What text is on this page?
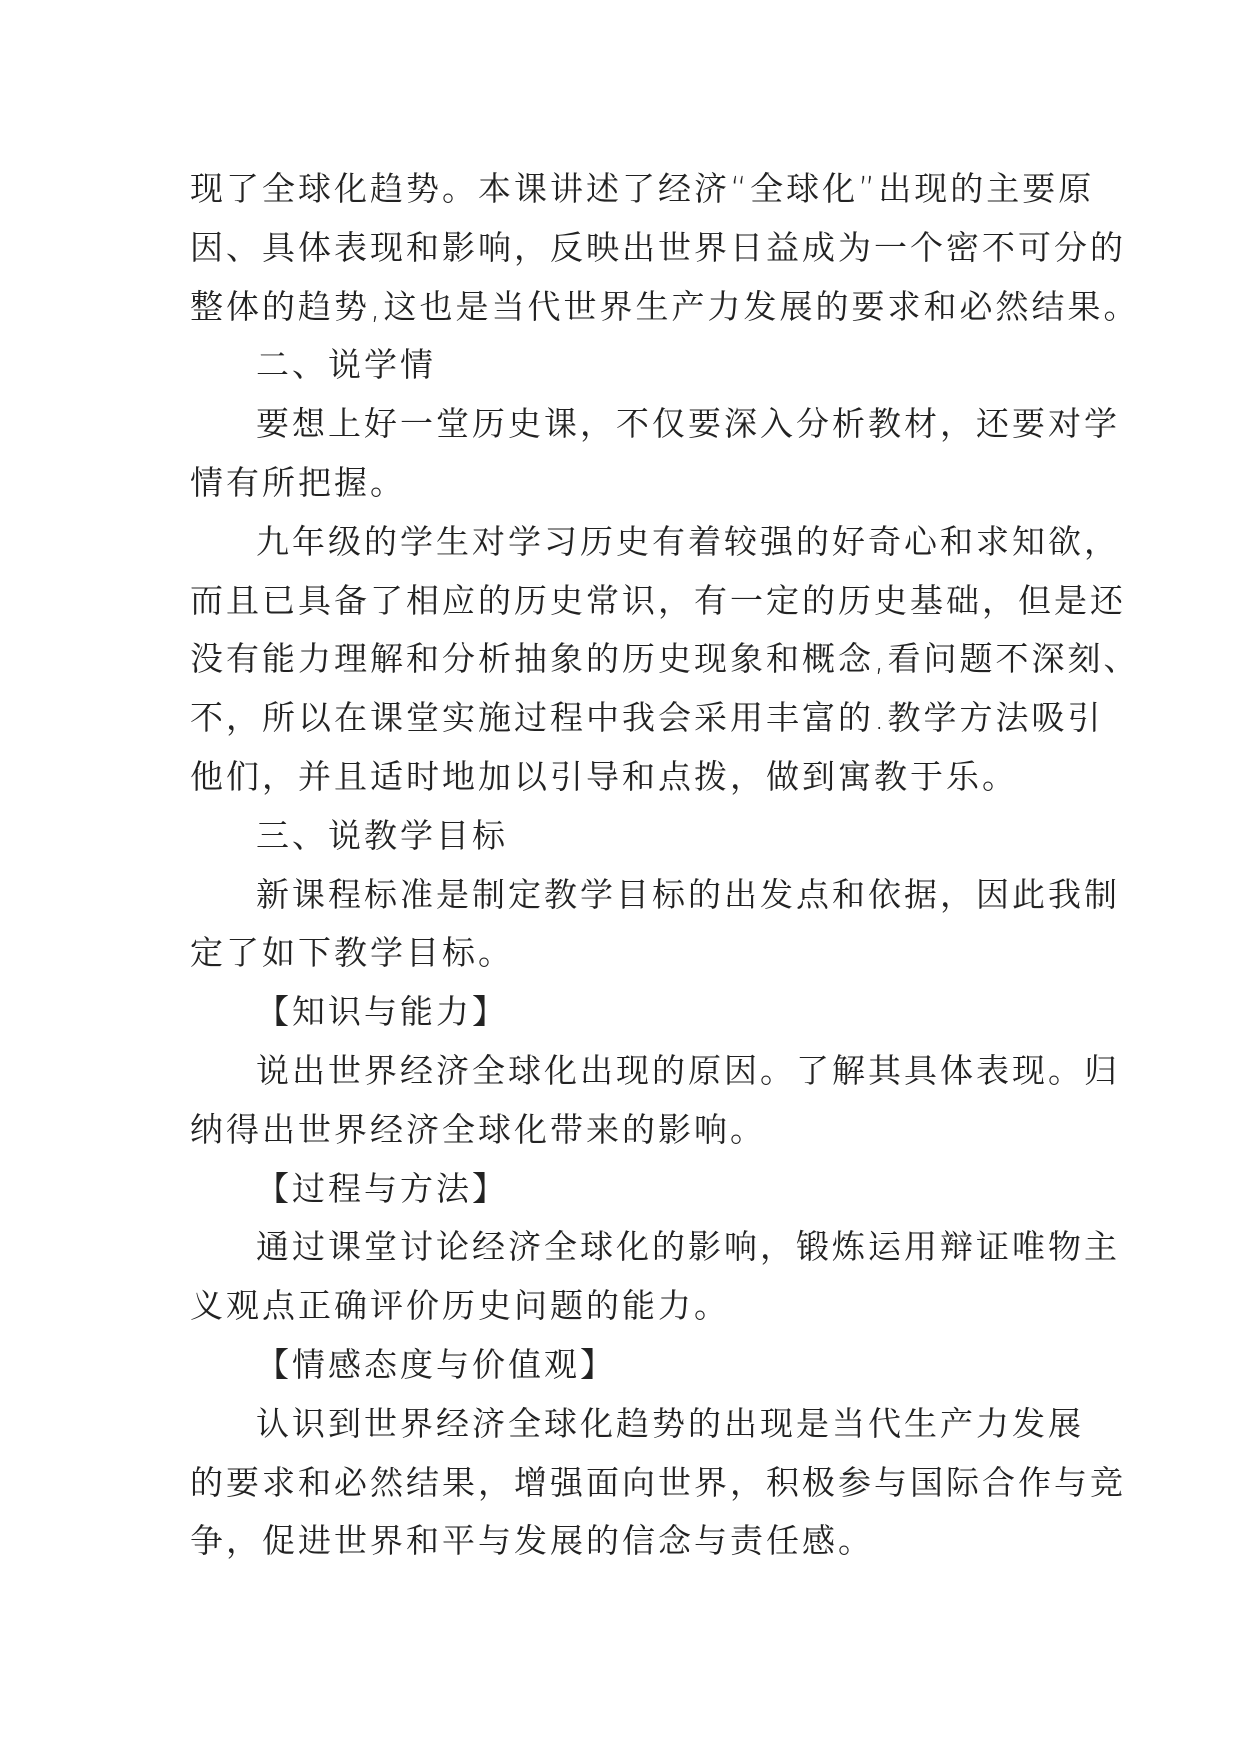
现了全球化趋势。本课讲述了经济“全球化”出现的主要原
因、具体表现和影响，反映出世界日益成为一个密不可分的
整体的趋势,这也是当代世界生产力发展的要求和必然结果。
二、说学情
要想上好一堂历史课，不仅要深入分析教材，还要对学
情有所把握。
九年级的学生对学习历史有着较强的好奇心和求知欲，
而且已具备了相应的历史常识，有一定的历史基础，但是还
没有能力理解和分析抽象的历史现象和概念,看问题不深刻、
不，所以在课堂实施过程中我会采用丰富的.教学方法吸引
他们，并且适时地加以引导和点拨，做到寓教于乐。
三、说教学目标
新课程标准是制定教学目标的出发点和依据，因此我制
定了如下教学目标。
【知识与能力】
说出世界经济全球化出现的原因。了解其具体表现。归
纳得出世界经济全球化带来的影响。
【过程与方法】
通过课堂讨论经济全球化的影响，锻炼运用辩证唯物主
义观点正确评价历史问题的能力。
【情感态度与价值观】
认识到世界经济全球化趋势的出现是当代生产力发展
的要求和必然结果，增强面向世界，积极参与国际合作与竞
争，促进世界和平与发展的信念与责任感。
